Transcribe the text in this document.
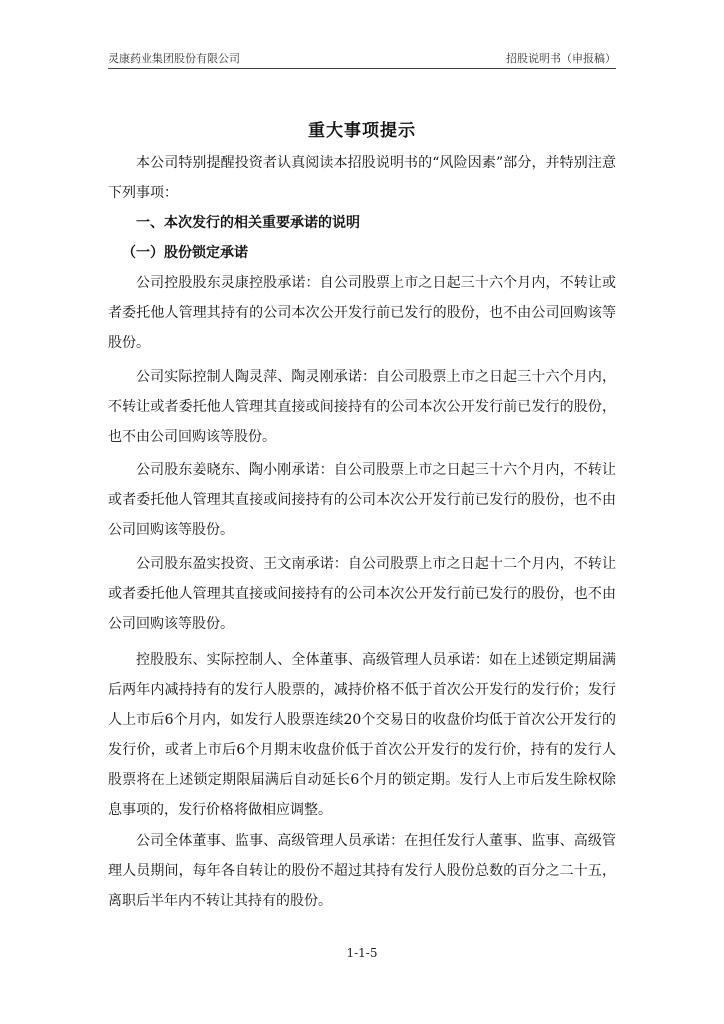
灵康药业集团股份有限公司	招股说明书（申报稿）
重大事项提示
本公司特别提醒投资者认真阅读本招股说明书的“风险因素”部分，并特别注意下列事项：
一、本次发行的相关重要承诺的说明
（一）股份锁定承诺
公司控股股东灵康控股承诺：自公司股票上市之日起三十六个月内，不转让或者委托他人管理其持有的公司本次公开发行前已发行的股份，也不由公司回购该等股份。
公司实际控制人陶灵萍、陶灵刚承诺：自公司股票上市之日起三十六个月内，不转让或者委托他人管理其直接或间接持有的公司本次公开发行前已发行的股份，也不由公司回购该等股份。
公司股东姜晓东、陶小刚承诺：自公司股票上市之日起三十六个月内，不转让或者委托他人管理其直接或间接持有的公司本次公开发行前已发行的股份，也不由公司回购该等股份。
公司股东盈实投资、王文南承诺：自公司股票上市之日起十二个月内，不转让或者委托他人管理其直接或间接持有的公司本次公开发行前已发行的股份，也不由公司回购该等股份。
控股股东、实际控制人、全体董事、高级管理人员承诺：如在上述锁定期届满后两年内减持持有的发行人股票的，减持价格不低于首次公开发行的发行价；发行人上市后6个月内，如发行人股票连续20个交易日的收盘价均低于首次公开发行的发行价，或者上市后6个月期末收盘价低于首次公开发行的发行价，持有的发行人股票将在上述锁定期限届满后自动延长6个月的锁定期。发行人上市后发生除权除息事项的，发行价格将做相应调整。
公司全体董事、监事、高级管理人员承诺：在担任发行人董事、监事、高级管理人员期间，每年各自转让的股份不超过其持有发行人股份总数的百分之二十五，离职后半年内不转让其持有的股份。
1-1-5
